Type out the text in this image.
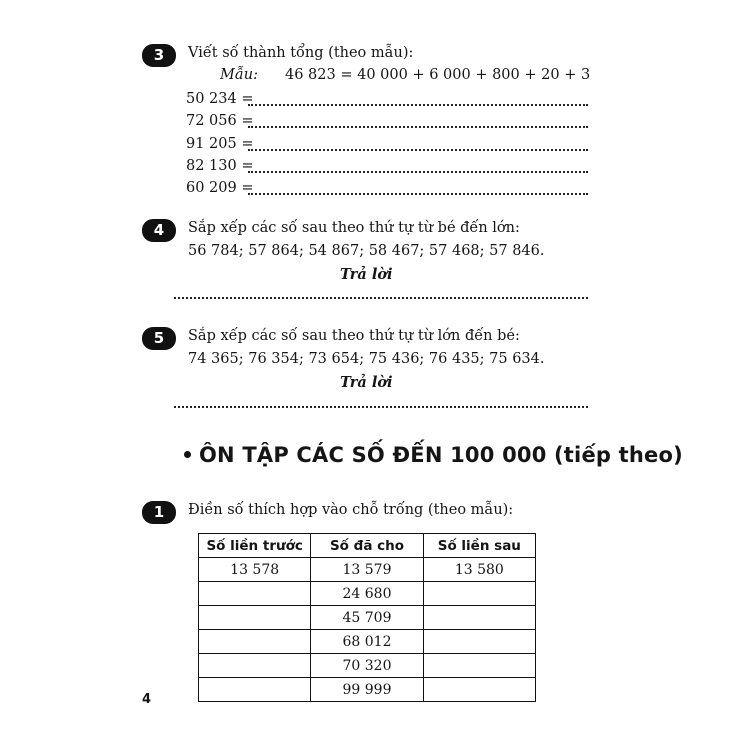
3	Viết số thành tổng (theo mẫu):
Mẫu: 46 823 = 40 000 + 6 000 + 800 + 20 + 3
50 234 =
72 056 =
91 205 =
82 130 =
60 209 =
4	Sắp xếp các số sau theo thứ tự từ bé đến lớn:
56 784; 57 864; 54 867; 58 467; 57 468; 57 846.
Trả lời
5	Sắp xếp các số sau theo thứ tự từ lớn đến bé:
74 365; 76 354; 73 654; 75 436; 76 435; 75 634.
Trả lời
ÔN TẬP CÁC SỐ ĐẾN 100 000 (tiếp theo)
1	Điền số thích hợp vào chỗ trống (theo mẫu):
Số liền trước	Số đã cho	Số liền sau
13 578	13 579	13 580
	24 680	
	45 709	
	68 012	
	70 320	
	99 999	
4
